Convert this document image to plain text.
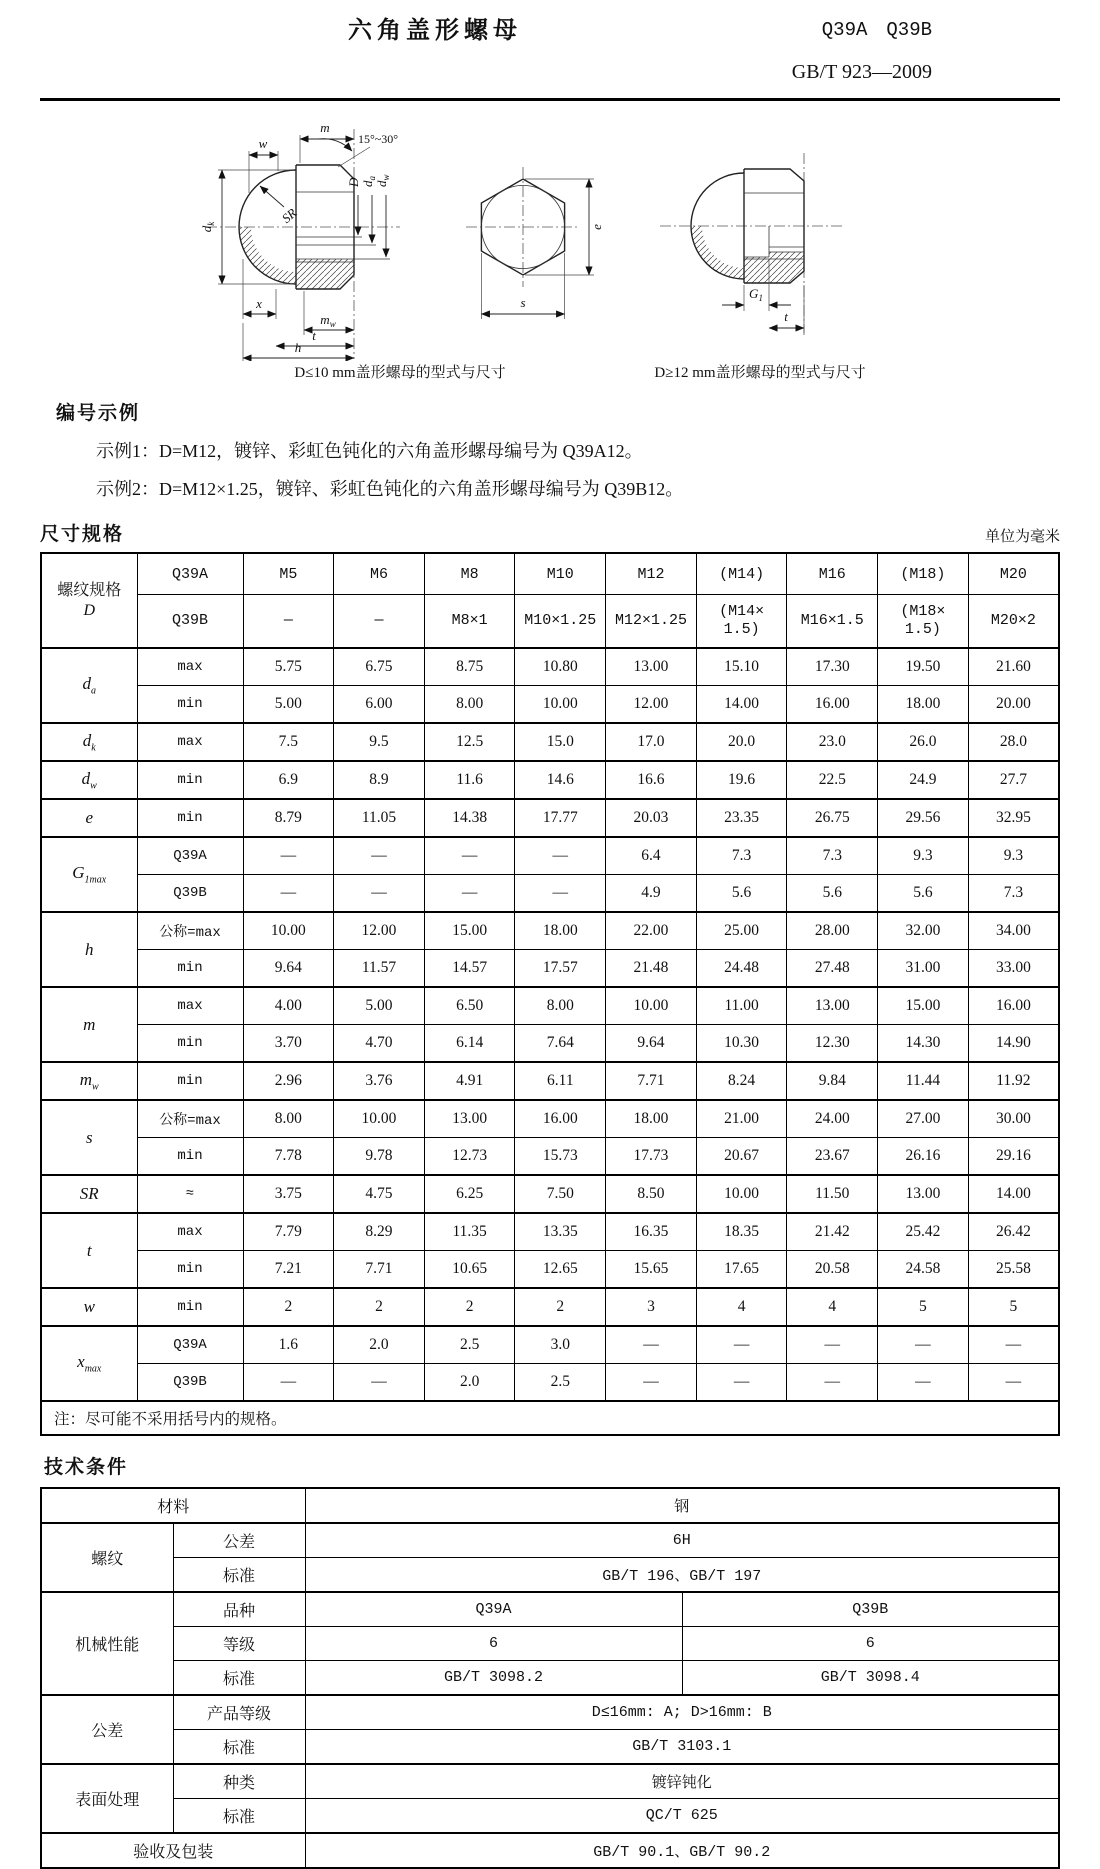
六角盖形螺母	Q39A　Q39B
GB/T 923—2009
m
15°~30°
w
$d_k$	SR
D $d_a$
$d_w$
x
$m_w$
t
h
e
s
$G_1$
t
D≤10 mm盖形螺母的型式与尺寸	D≥12 mm盖形螺母的型式与尺寸
编号示例

示例1：D=M12，镀锌、彩虹色钝化的六角盖形螺母编号为 Q39A12。

示例2：D=M12×1.25，镀锌、彩虹色钝化的六角盖形螺母编号为 Q39B12。

尺寸规格	单位为毫米
螺纹规格
D	Q39A	M5	M6	M8	M10	M12	(M14)	M16	(M18)	M20
	Q39B	—	—	M8×1	M10×1.25	M12×1.25	(M14× 1.5)	M16×1.5	(M18× 1.5)	M20×2
$d_a$	max	5.75	6.75	8.75	10.80	13.00	15.10	17.30	19.50	21.60
	min	5.00	6.00	8.00	10.00	12.00	14.00	16.00	18.00	20.00
$d_k$	max	7.5	9.5	12.5	15.0	17.0	20.0	23.0	26.0	28.0
$d_w$	min	6.9	8.9	11.6	14.6	16.6	19.6	22.5	24.9	27.7
e	min	8.79	11.05	14.38	17.77	20.03	23.35	26.75	29.56	32.95
$G_{1max}$	Q39A	—	—	—	—	6.4	7.3	7.3	9.3	9.3
	Q39B	—	—	—	—	4.9	5.6	5.6	5.6	7.3
h	公称=max	10.00	12.00	15.00	18.00	22.00	25.00	28.00	32.00	34.00
	min	9.64	11.57	14.57	17.57	21.48	24.48	27.48	31.00	33.00
m	max	4.00	5.00	6.50	8.00	10.00	11.00	13.00	15.00	16.00
	min	3.70	4.70	6.14	7.64	9.64	10.30	12.30	14.30	14.90
$m_w$	min	2.96	3.76	4.91	6.11	7.71	8.24	9.84	11.44	11.92
s	公称=max	8.00	10.00	13.00	16.00	18.00	21.00	24.00	27.00	30.00
	min	7.78	9.78	12.73	15.73	17.73	20.67	23.67	26.16	29.16
SR	≈	3.75	4.75	6.25	7.50	8.50	10.00	11.50	13.00	14.00
t	max	7.79	8.29	11.35	13.35	16.35	18.35	21.42	25.42	26.42
	min	7.21	7.71	10.65	12.65	15.65	17.65	20.58	24.58	25.58
w	min	2	2	2	2	3	4	4	5	5
$x_{max}$	Q39A	1.6	2.0	2.5	3.0	—	—	—	—	—
	Q39B	—	—	2.0	2.5	—	—	—	—	—
注：尽可能不采用括号内的规格。										
技术条件
材料		钢	
螺纹	公差	6H	
	标准	GB/T 196、GB/T 197	
机械性能	品种	Q39A	Q39B
	等级	6	6
	标准	GB/T 3098.2	GB/T 3098.4
公差	产品等级	D≤16mm: A; D>16mm: B	
	标准	GB/T 3103.1	
表面处理	种类	镀锌钝化	
	标准	QC/T 625	
验收及包装		GB/T 90.1、GB/T 90.2	
